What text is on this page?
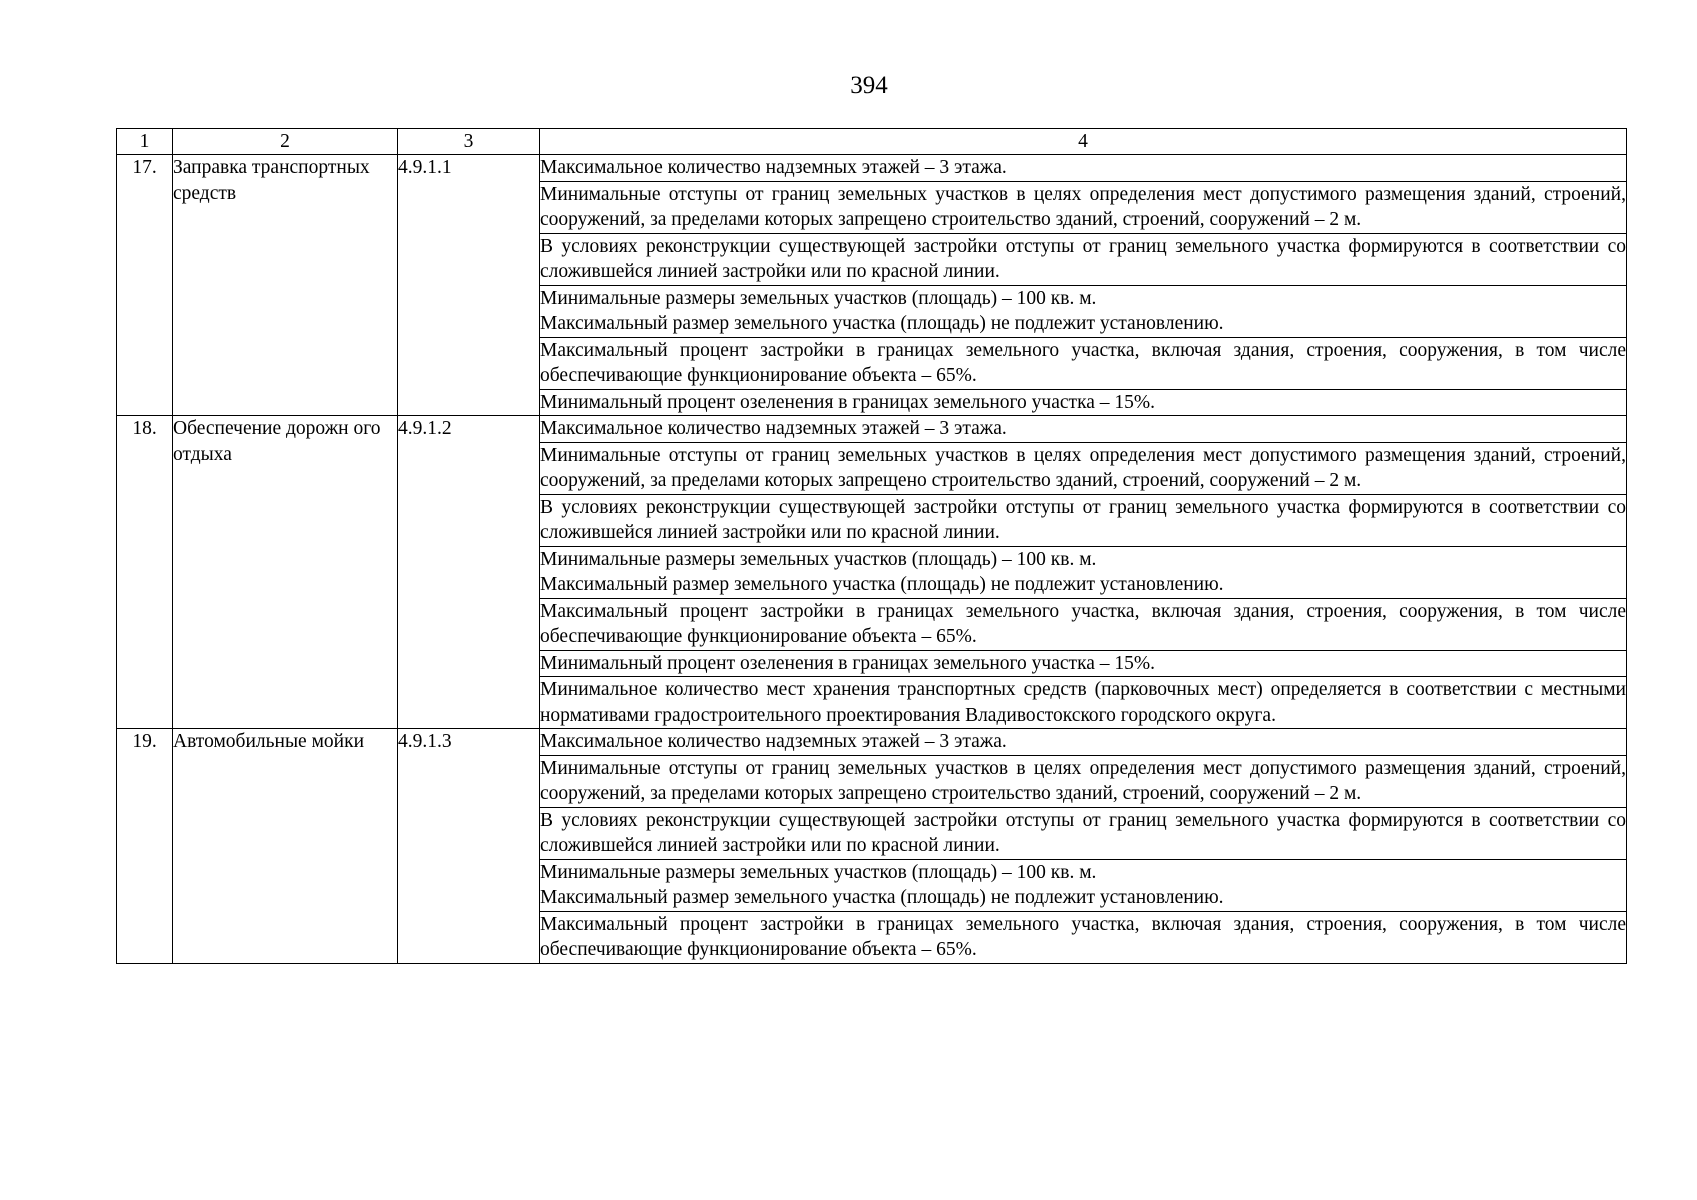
394
1	2	3	4
17.	Заправка транспортных средств	4.9.1.1	Максимальное количество надземных этажей – 3 этажа.

			Минимальные отступы от границ земельных участков в целях определения мест допустимого размещения зданий, строений, сооружений, за пределами которых запрещено строительство зданий, строений, сооружений – 2 м.

			В условиях реконструкции существующей застройки отступы от границ земельного участка формируются в соответствии со сложившейся линией застройки или по красной линии.

			Минимальные размеры земельных участков (площадь) – 100 кв. м.
Максимальный размер земельного участка (площадь) не подлежит установлению.

			Максимальный процент застройки в границах земельного участка, включая здания, строения, сооружения, в том числе обеспечивающие функционирование объекта – 65%.

			Минимальный процент озеленения в границах земельного участка – 15%.

18.	Обеспечение дорожн ого отдыха	4.9.1.2	Максимальное количество надземных этажей – 3 этажа.

			Минимальные отступы от границ земельных участков в целях определения мест допустимого размещения зданий, строений, сооружений, за пределами которых запрещено строительство зданий, строений, сооружений – 2 м.

			В условиях реконструкции существующей застройки отступы от границ земельного участка формируются в соответствии со сложившейся линией застройки или по красной линии.

			Минимальные размеры земельных участков (площадь) – 100 кв. м.
Максимальный размер земельного участка (площадь) не подлежит установлению.

			Максимальный процент застройки в границах земельного участка, включая здания, строения, сооружения, в том числе обеспечивающие функционирование объекта – 65%.

			Минимальный процент озеленения в границах земельного участка – 15%.

			Минимальное количество мест хранения транспортных средств (парковочных мест) определяется в соответствии с местными нормативами градостроительного проектирования Владивостокского городского округа.

19.	Автомобильные мойки	4.9.1.3	Максимальное количество надземных этажей – 3 этажа.

			Минимальные отступы от границ земельных участков в целях определения мест допустимого размещения зданий, строений, сооружений, за пределами которых запрещено строительство зданий, строений, сооружений – 2 м.

			В условиях реконструкции существующей застройки отступы от границ земельного участка формируются в соответствии со сложившейся линией застройки или по красной линии.

			Минимальные размеры земельных участков (площадь) – 100 кв. м.
Максимальный размер земельного участка (площадь) не подлежит установлению.

			Максимальный процент застройки в границах земельного участка, включая здания, строения, сооружения, в том числе обеспечивающие функционирование объекта – 65%.
